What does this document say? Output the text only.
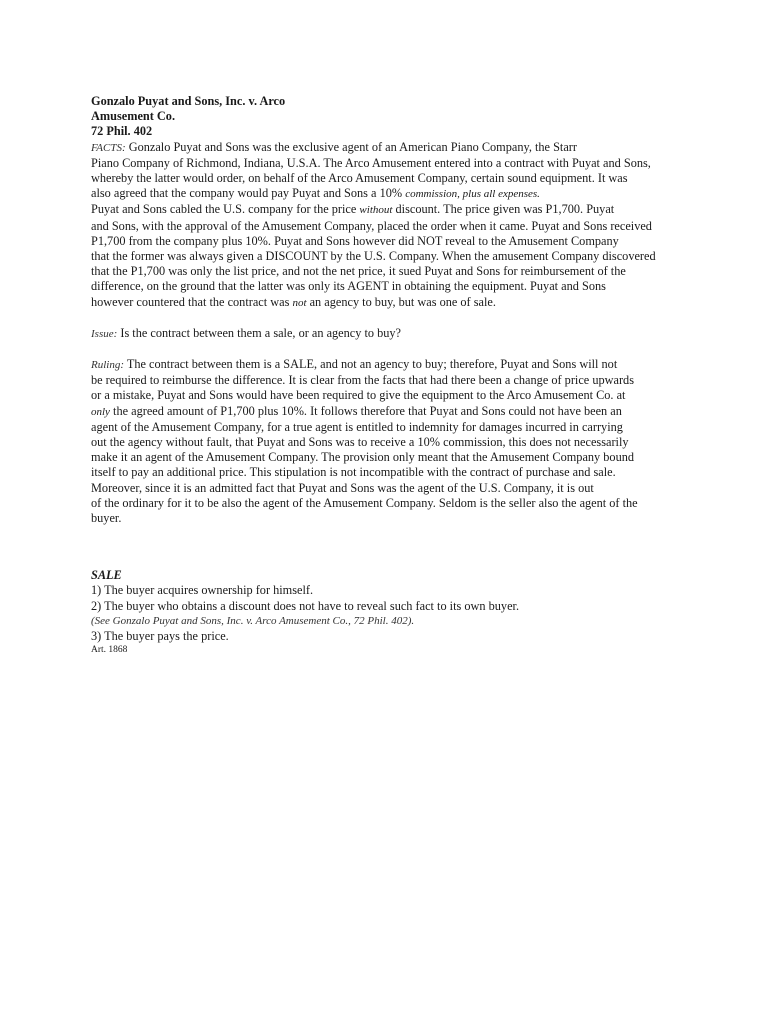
Gonzalo Puyat and Sons, Inc. v. Arco
Amusement Co.
72 Phil. 402
FACTS: Gonzalo Puyat and Sons was the exclusive agent of an American Piano Company, the Starr
Piano Company of Richmond, Indiana, U.S.A. The Arco Amusement entered into a contract with Puyat and Sons,
whereby the latter would order, on behalf of the Arco Amusement Company, certain sound equipment. It was
also agreed that the company would pay Puyat and Sons a 10% commission, plus all expenses.
Puyat and Sons cabled the U.S. company for the price without discount. The price given was P1,700. Puyat
and Sons, with the approval of the Amusement Company, placed the order when it came. Puyat and Sons received
P1,700 from the company plus 10%. Puyat and Sons however did NOT reveal to the Amusement Company
that the former was always given a DISCOUNT by the U.S. Company. When the amusement Company discovered
that the P1,700 was only the list price, and not the net price, it sued Puyat and Sons for reimbursement of the
difference, on the ground that the latter was only its AGENT in obtaining the equipment. Puyat and Sons
however countered that the contract was not an agency to buy, but was one of sale.
Issue: Is the contract between them a sale, or an agency to buy?
Ruling: The contract between them is a SALE, and not an agency to buy; therefore, Puyat and Sons will not
be required to reimburse the difference. It is clear from the facts that had there been a change of price upwards
or a mistake, Puyat and Sons would have been required to give the equipment to the Arco Amusement Co. at
only the agreed amount of P1,700 plus 10%. It follows therefore that Puyat and Sons could not have been an
agent of the Amusement Company, for a true agent is entitled to indemnity for damages incurred in carrying
out the agency without fault, that Puyat and Sons was to receive a 10% commission, this does not necessarily
make it an agent of the Amusement Company. The provision only meant that the Amusement Company bound
itself to pay an additional price. This stipulation is not incompatible with the contract of purchase and sale.
Moreover, since it is an admitted fact that Puyat and Sons was the agent of the U.S. Company, it is out
of the ordinary for it to be also the agent of the Amusement Company. Seldom is the seller also the agent of the
buyer.
SALE
1) The buyer acquires ownership for himself.
2) The buyer who obtains a discount does not have to reveal such fact to its own buyer.
(See Gonzalo Puyat and Sons, Inc. v. Arco Amusement Co., 72 Phil. 402).
3) The buyer pays the price.
Art. 1868
